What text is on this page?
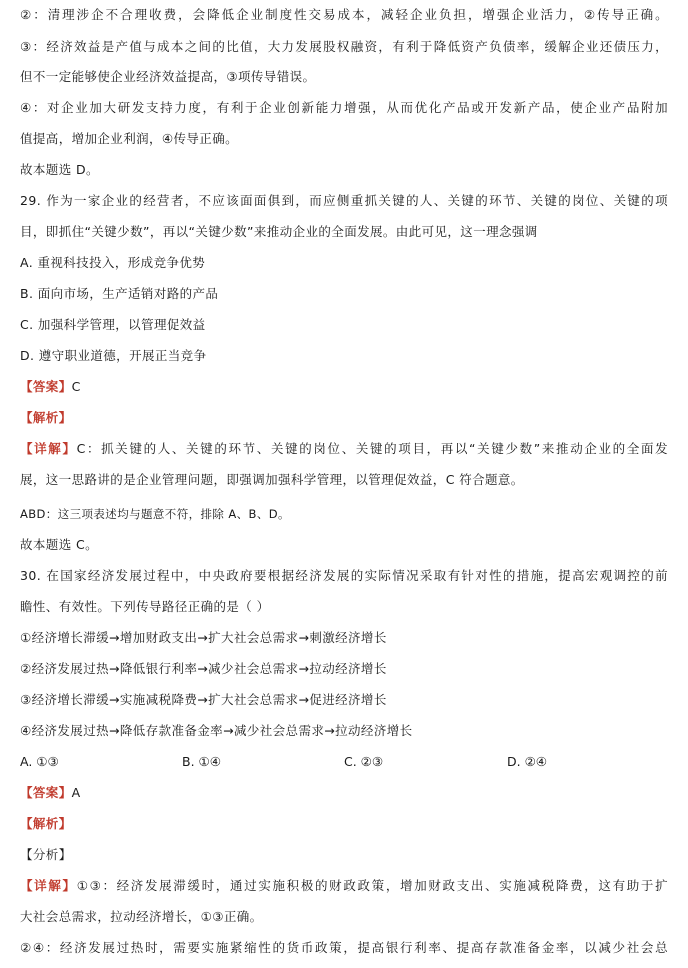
②：清理涉企不合理收费，会降低企业制度性交易成本，减轻企业负担，增强企业活力，②传导正确。
③：经济效益是产值与成本之间的比值，大力发展股权融资，有利于降低资产负债率，缓解企业还债压力，
但不一定能够使企业经济效益提高，③项传导错误。
④：对企业加大研发支持力度，有利于企业创新能力增强，从而优化产品或开发新产品，使企业产品附加
值提高，增加企业利润，④传导正确。
故本题选 D。
29. 作为一家企业的经营者，不应该面面俱到，而应侧重抓关键的人、关键的环节、关键的岗位、关键的项
目，即抓住“关键少数”，再以“关键少数”来推动企业的全面发展。由此可见，这一理念强调
A. 重视科技投入，形成竞争优势
B. 面向市场，生产适销对路的产品
C. 加强科学管理，以管理促效益
D. 遵守职业道德，开展正当竞争
【答案】C
【解析】
【详解】C：抓关键的人、关键的环节、关键的岗位、关键的项目，再以“关键少数”来推动企业的全面发
展，这一思路讲的是企业管理问题，即强调加强科学管理，以管理促效益，C 符合题意。
ABD：这三项表述均与题意不符，排除 A、B、D。
故本题选 C。
30. 在国家经济发展过程中，中央政府要根据经济发展的实际情况采取有针对性的措施，提高宏观调控的前
瞻性、有效性。下列传导路径正确的是（ ）
①经济增长滞缓→增加财政支出→扩大社会总需求→刺激经济增长
②经济发展过热→降低银行利率→减少社会总需求→拉动经济增长
③经济增长滞缓→实施减税降费→扩大社会总需求→促进经济增长
④经济发展过热→降低存款准备金率→减少社会总需求→拉动经济增长
A. ①③	B. ①④	C. ②③	D. ②④
【答案】A
【解析】
【分析】
【详解】①③：经济发展滞缓时，通过实施积极的财政政策，增加财政支出、实施减税降费，这有助于扩
大社会总需求，拉动经济增长，①③正确。
②④：经济发展过热时，需要实施紧缩性的货币政策，提高银行利率、提高存款准备金率，以减少社会总
